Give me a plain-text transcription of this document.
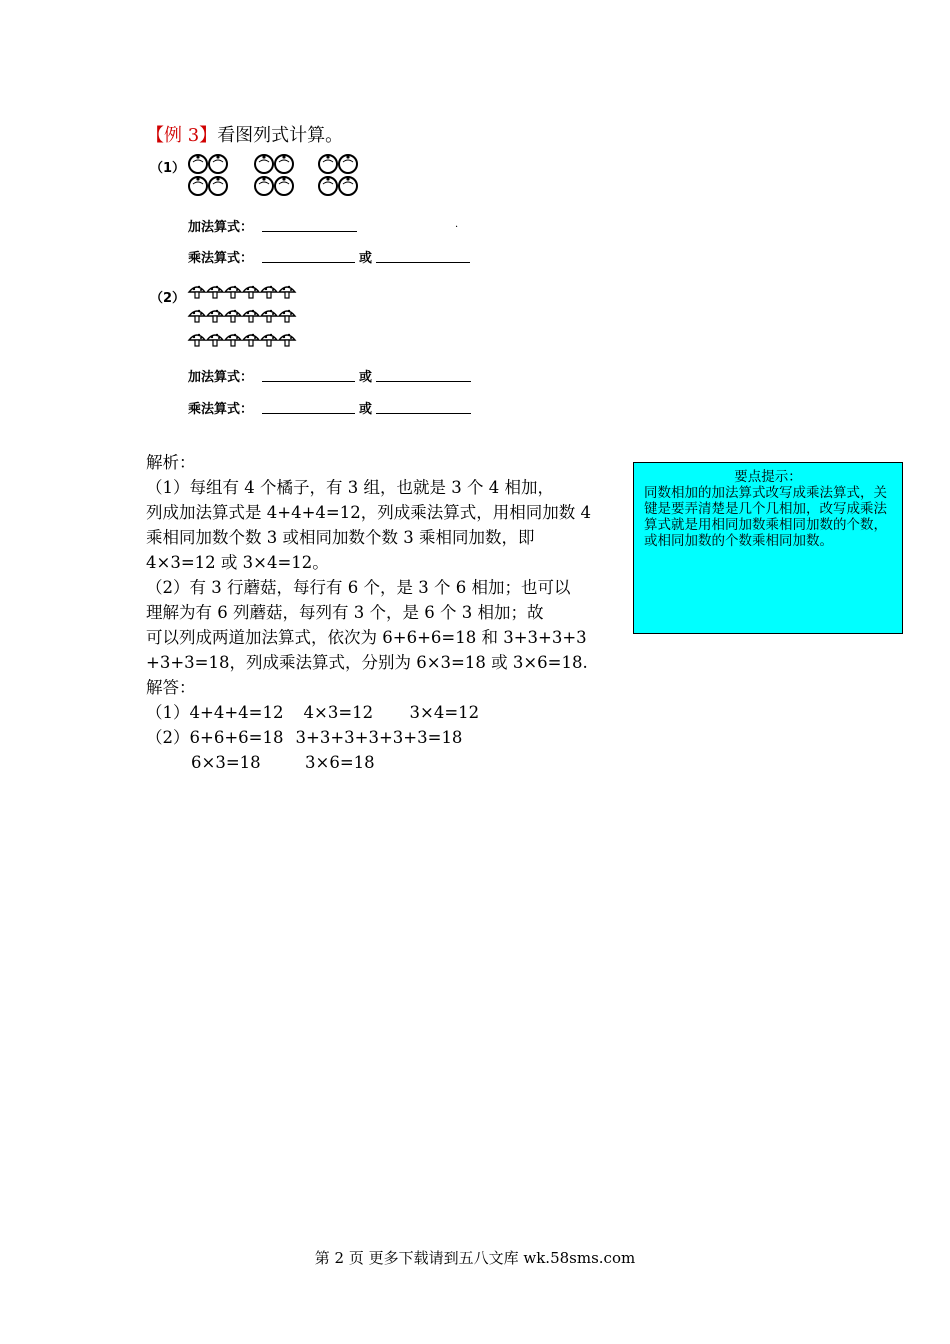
【例 3】看图列式计算。
（1）
加法算式：	·
乘法算式：	或
（2）
加法算式：	或
乘法算式：	或
解析：
（1）每组有 4 个橘子，有 3 组，也就是 3 个 4 相加，
列成加法算式是 4+4+4=12，列成乘法算式，用相同加数 4
乘相同加数个数 3 或相同加数个数 3 乘相同加数，即
4×3=12 或 3×4=12。
（2）有 3 行蘑菇，每行有 6 个，是 3 个 6 相加；也可以
理解为有 6 列蘑菇，每列有 3 个，是 6 个 3 相加；故
可以列成两道加法算式，依次为 6+6+6=18 和 3+3+3+3
+3+3=18，列成乘法算式，分别为 6×3=18 或 3×6=18.
解答：
（1）4+4+4=12 4×3=12 3×4=12
（2）6+6+6=18 3+3+3+3+3+3=18
6×3=18	3×6=18
要点提示：
同数相加的加法算式改写成乘法算式，关键是要弄清楚是几个几相加，改写成乘法算式就是用相同加数乘相同加数的个数，或相同加数的个数乘相同加数。
第 2 页 更多下载请到五八文库 wk.58sms.com
